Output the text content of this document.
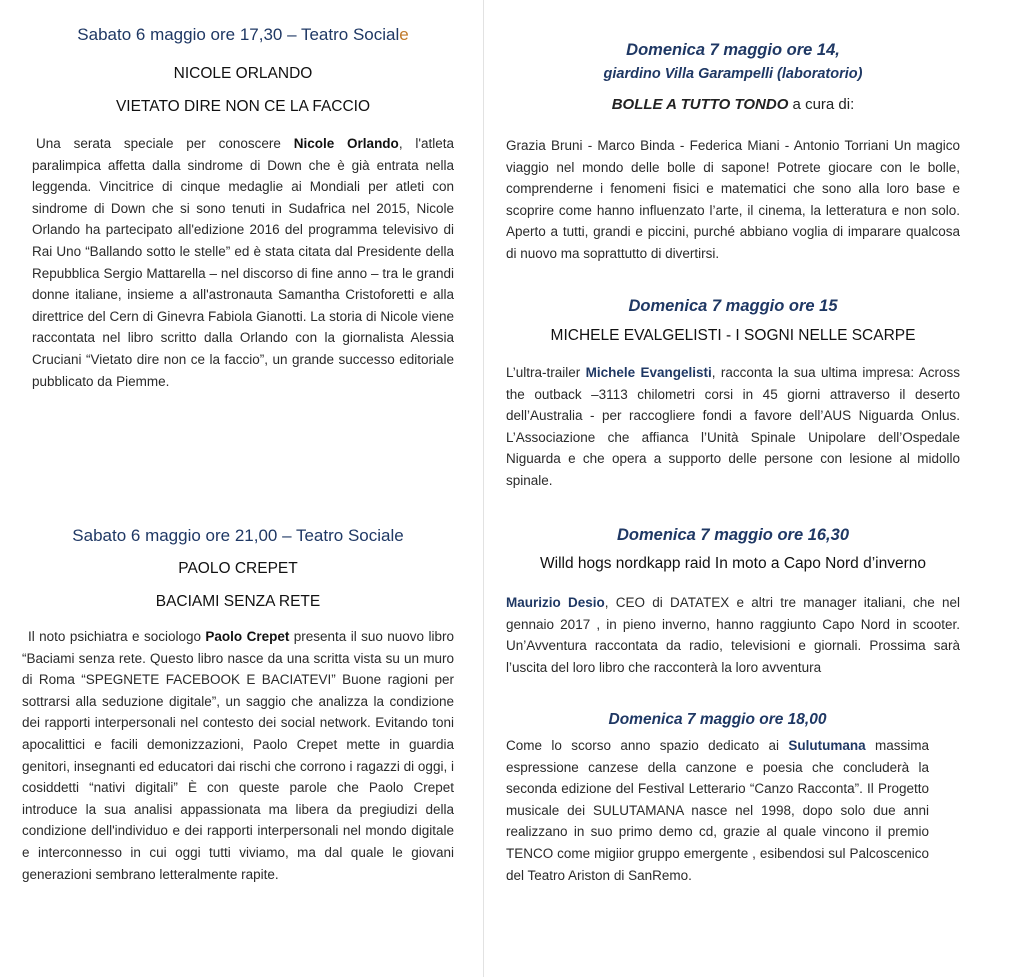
Sabato 6 maggio ore 17,30 – Teatro Sociale

NICOLE ORLANDO

VIETATO DIRE NON CE LA FACCIO

Una serata speciale per conoscere Nicole Orlando, l'atleta paralimpica affetta dalla sindrome di Down che è già entrata nella leggenda. Vincitrice di cinque medaglie ai Mondiali per atleti con sindrome di Down che si sono tenuti in Sudafrica nel 2015, Nicole Orlando ha partecipato all'edizione 2016 del programma televisivo di Rai Uno “Ballando sotto le stelle” ed è stata citata dal Presidente della Repubblica Sergio Mattarella – nel discorso di fine anno – tra le grandi donne italiane, insieme a all'astronauta Samantha Cristoforetti e alla direttrice del Cern di Ginevra Fabiola Gianotti. La storia di Nicole viene raccontata nel libro scritto dalla Orlando con la giornalista Alessia Cruciani “Vietato dire non ce la faccio”, un grande successo editoriale pubblicato da Piemme.

Sabato 6 maggio ore 21,00 – Teatro Sociale

PAOLO CREPET

BACIAMI SENZA RETE

Il noto psichiatra e sociologo Paolo Crepet presenta il suo nuovo libro “Baciami senza rete. Questo libro nasce da una scritta vista su un muro di Roma “SPEGNETE FACEBOOK E BACIATEVI” Buone ragioni per sottrarsi alla seduzione digitale”, un saggio che analizza la condizione dei rapporti interpersonali nel contesto dei social network. Evitando toni apocalittici e facili demonizzazioni, Paolo Crepet mette in guardia genitori, insegnanti ed educatori dai rischi che corrono i ragazzi di oggi, i cosiddetti “nativi digitali” È con queste parole che Paolo Crepet introduce la sua analisi appassionata ma libera da pregiudizi della condizione dell'individuo e dei rapporti interpersonali nel mondo digitale e interconnesso in cui oggi tutti viviamo, ma dal quale le giovani generazioni sembrano letteralmente rapite.

Domenica 7 maggio ore 14,

giardino Villa Garampelli (laboratorio)

BOLLE A TUTTO TONDO a cura di:

Grazia Bruni - Marco Binda - Federica Miani - Antonio Torriani Un magico viaggio nel mondo delle bolle di sapone! Potrete giocare con le bolle, comprenderne i fenomeni fisici e matematici che sono alla loro base e scoprire come hanno influenzato l’arte, il cinema, la letteratura e non solo. Aperto a tutti, grandi e piccini, purché abbiano voglia di imparare qualcosa di nuovo ma soprattutto di divertirsi.

Domenica 7 maggio ore 15

MICHELE EVALGELISTI - I SOGNI NELLE SCARPE

L’ultra-trailer Michele Evangelisti, racconta la sua ultima impresa: Across the outback –3113 chilometri corsi in 45 giorni attraverso il deserto dell’Australia - per raccogliere fondi a favore dell’AUS Niguarda Onlus. L’Associazione che affianca l’Unità Spinale Unipolare dell’Ospedale Niguarda e che opera a supporto delle persone con lesione al midollo spinale.

Domenica 7 maggio ore 16,30

Willd hogs nordkapp raid In moto a Capo Nord d’inverno

Maurizio Desio, CEO di DATATEX e altri tre manager italiani, che nel gennaio 2017 , in pieno inverno, hanno raggiunto Capo Nord in scooter. Un’Avventura raccontata da radio, televisioni e giornali. Prossima sarà l’uscita del loro libro che racconterà la loro avventura

Domenica 7 maggio ore 18,00

Come lo scorso anno spazio dedicato ai Sulutumana massima espressione canzese della canzone e poesia che concluderà la seconda edizione del Festival Letterario “Canzo Racconta”. Il Progetto musicale dei SULUTAMANA nasce nel 1998, dopo solo due anni realizzano in suo primo demo cd, grazie al quale vincono il premio TENCO come migiior gruppo emergente , esibendosi sul Palcoscenico del Teatro Ariston di SanRemo.
